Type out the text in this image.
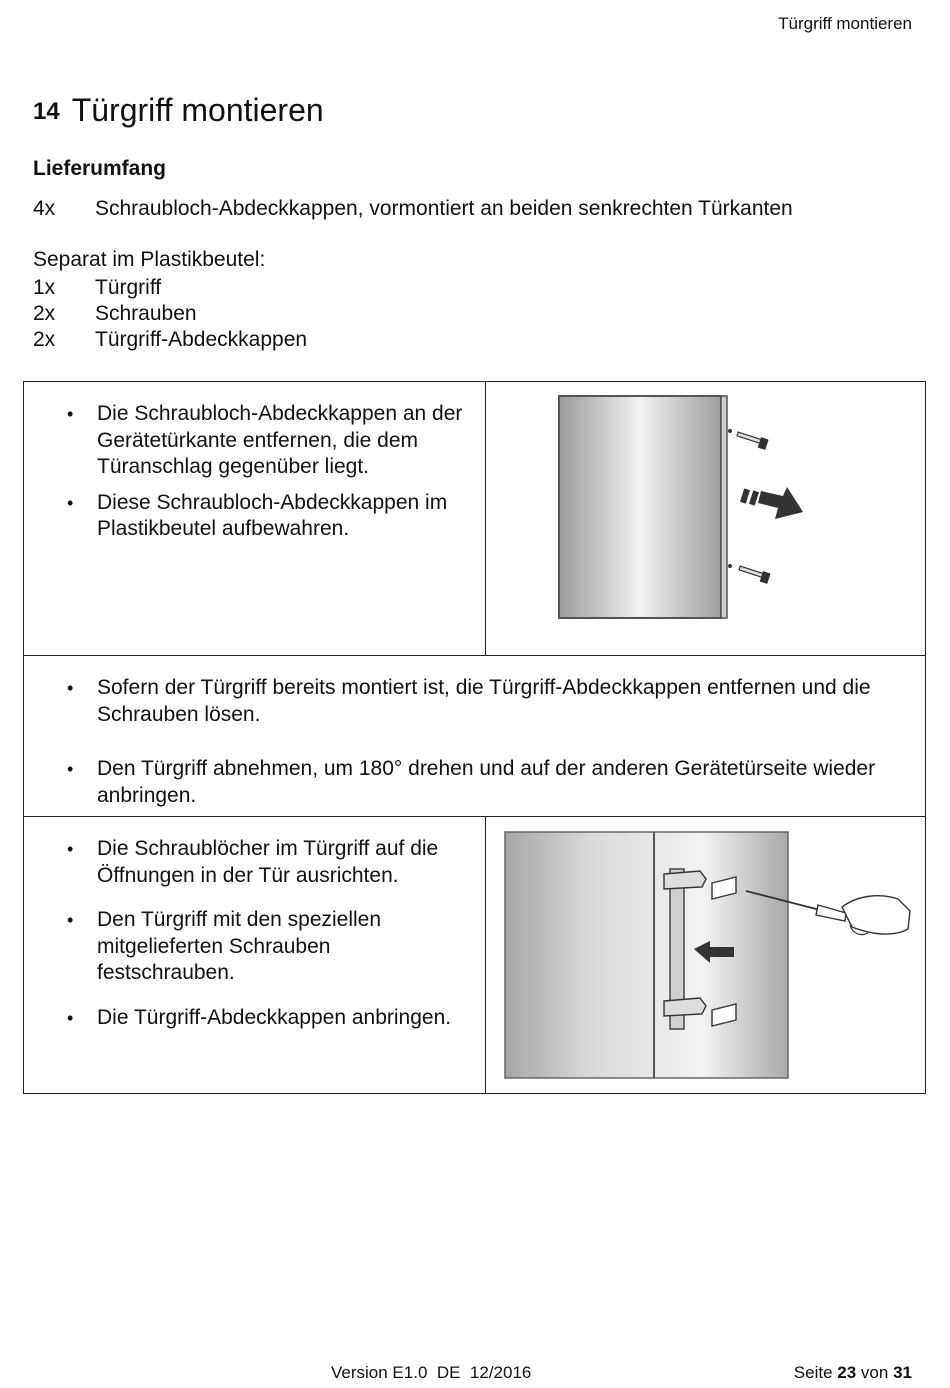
Türgriff montieren
14 Türgriff montieren
Lieferumfang
4x Schraubloch-Abdeckkappen, vormontiert an beiden senkrechten Türkanten
Separat im Plastikbeutel:
1x Türgriff
2x Schrauben
2x Türgriff-Abdeckkappen
• Die Schraubloch-Abdeckkappen an der Gerätetürkante entfernen, die dem Türanschlag gegenüber liegt.
• Diese Schraubloch-Abdeckkappen im Plastikbeutel aufbewahren.
• Sofern der Türgriff bereits montiert ist, die Türgriff-Abdeckkappen entfernen und die Schrauben lösen.
• Den Türgriff abnehmen, um 180° drehen und auf der anderen Gerätetürseite wieder anbringen.
• Die Schraublöcher im Türgriff auf die Öffnungen in der Tür ausrichten.
• Den Türgriff mit den speziellen mitgelieferten Schrauben festschrauben.
• Die Türgriff-Abdeckkappen anbringen.
Version E1.0  DE  12/2016	Seite 23 von 31
